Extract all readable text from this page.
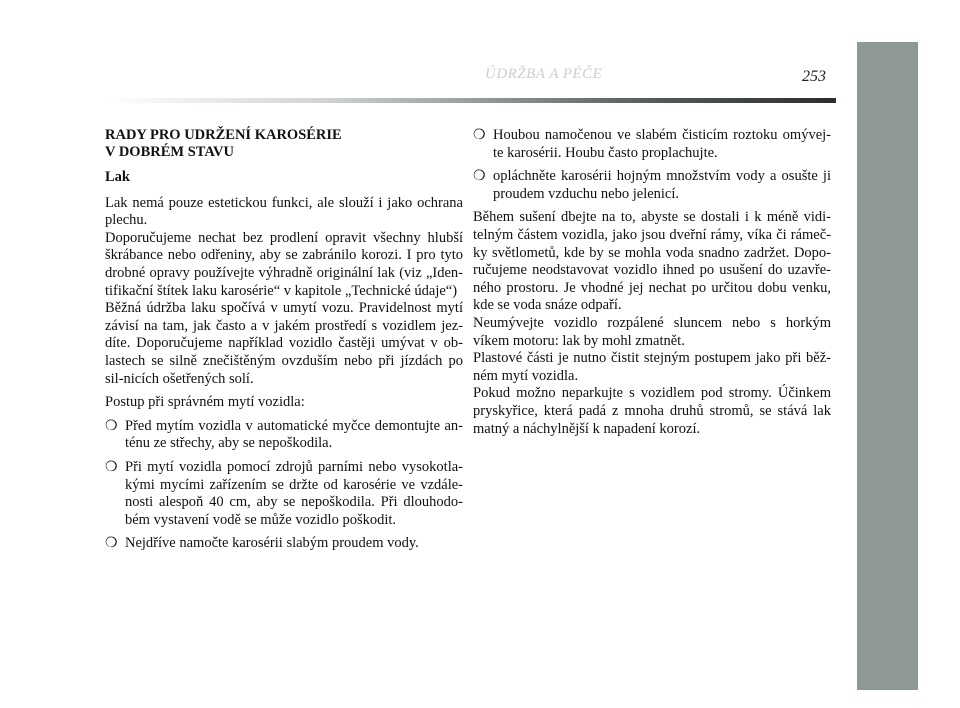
ÚDRŽBA A PÉČE	253
RADY PRO UDRŽENÍ KAROSÉRIE
V DOBRÉM STAVU
Lak

Lak nemá pouze estetickou funkci, ale slouží i jako ochrana plechu.

Doporučujeme nechat bez prodlení opravit všechny hlubší škrábance nebo odřeniny, aby se zabránilo korozi. I pro tyto drobné opravy používejte výhradně originální lak (viz „Iden-tifikační štítek laku karosérie“ v kapitole „Technické údaje“)

Běžná údržba laku spočívá v umytí vozu. Pravidelnost mytí závisí na tam, jak často a v jakém prostředí s vozidlem jez-díte. Doporučujeme například vozidlo častěji umývat v ob-lastech se silně znečištěným ovzduším nebo při jízdách po sil-nicích ošetřených solí.

Postup při správném mytí vozidla:

❍ Před mytím vozidla v automatické myčce demontujte an-ténu ze střechy, aby se nepoškodila.
❍ Při mytí vozidla pomocí zdrojů parními nebo vysokotla-kými mycími zařízením se držte od karosérie ve vzdále-nosti alespoň 40 cm, aby se nepoškodila. Při dlouhodo-bém vystavení vodě se může vozidlo poškodit.
❍ Nejdříve namočte karosérii slabým proudem vody.
❍ Houbou namočenou ve slabém čisticím roztoku omývej-te karosérii. Houbu často proplachujte.
❍ opláchněte karosérii hojným množstvím vody a osušte ji proudem vzduchu nebo jelenicí.

Během sušení dbejte na to, abyste se dostali i k méně vidi-telným částem vozidla, jako jsou dveřní rámy, víka či rámeč-ky světlometů, kde by se mohla voda snadno zadržet. Dopo-ručujeme neodstavovat vozidlo ihned po usušení do uzavře-ného prostoru. Je vhodné jej nechat po určitou dobu venku, kde se voda snáze odpaří.

Neumývejte vozidlo rozpálené sluncem nebo s horkým víkem motoru: lak by mohl zmatnět.

Plastové části je nutno čistit stejným postupem jako při běž-ném mytí vozidla.

Pokud možno neparkujte s vozidlem pod stromy. Účinkem pryskyřice, která padá z mnoha druhů stromů, se stává lak matný a náchylnější k napadení korozí.
